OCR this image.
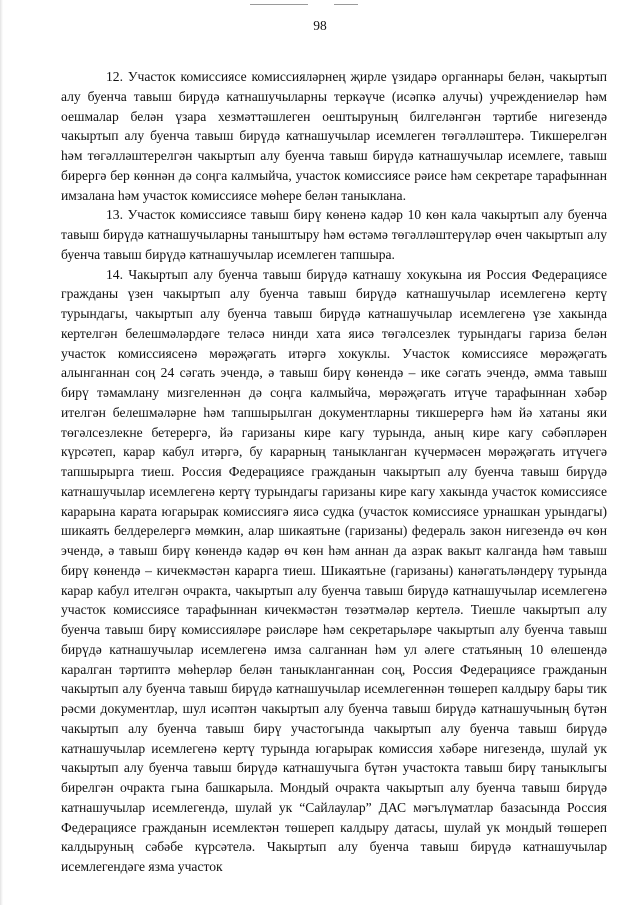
98

12. Участок комиссиясе комиссияләрнең җирле үзидарә органнары белән, чакыртып алу буенча тавыш бирүдә катнашучыларны теркәүче (исәпкә алучы) учреждениеләр һәм оешмалар белән үзара хезмәттәшлеген оештыруның билгеләнгән тәртибе нигезендә чакыртып алу буенча тавыш бирүдә катнашучылар исемлеген төгәлләштерә. Тикшерелгән һәм төгәлләштерелгән чакыртып алу буенча тавыш бирүдә катнашучылар исемлеге, тавыш бирергә бер көннән дә соңга калмыйча, участок комиссиясе рәисе һәм секретаре тарафыннан имзалана һәм участок комиссиясе мөһере белән таныклана.

13. Участок комиссиясе тавыш бирү көненә кадәр 10 көн кала чакыртып алу буенча тавыш бирүдә катнашучыларны таныштыру һәм өстәмә төгәлләштерүләр өчен чакыртып алу буенча тавыш бирүдә катнашучылар исемлеген тапшыра.

14. Чакыртып алу буенча тавыш бирүдә катнашу хокукына ия Россия Федерациясе гражданы үзен чакыртып алу буенча тавыш бирүдә катнашучылар исемлегенә кертү турындагы, чакыртып алу буенча тавыш бирүдә катнашучылар исемлегенә үзе хакында кертелгән белешмәләрдәге теләсә нинди хата яисә төгәлсезлек турындагы гариза белән участок комиссиясенә мөрәҗәгать итәргә хокуклы. Участок комиссиясе мөрәҗәгать алынганнан соң 24 сәгать эчендә, ә тавыш бирү көнендә – ике сәгать эчендә, әмма тавыш бирү тәмамлану мизгеленнән дә соңга калмыйча, мөрәҗәгать итүче тарафыннан хәбәр ителгән белешмәләрне һәм тапшырылган документларны тикшерергә һәм йә хатаны яки төгәлсезлекне бетерергә, йә гаризаны кире кагу турында, аның кире кагу сәбәпләрен күрсәтеп, карар кабул итәргә, бу карарның таныкланган күчермәсен мөрәҗәгать итүчегә тапшырырга тиеш. Россия Федерациясе гражданын чакыртып алу буенча тавыш бирүдә катнашучылар исемлегенә кертү турындагы гаризаны кире кагу хакында участок комиссиясе карарына карата югарырак комиссиягә яисә судка (участок комиссиясе урнашкан урындагы) шикаять белдерелергә мөмкин, алар шикаятьне (гаризаны) федераль закон нигезендә өч көн эчендә, ә тавыш бирү көнендә кадәр өч көн һәм аннан да азрак вакыт калганда һәм тавыш бирү көнендә – кичекмәстән карарга тиеш. Шикаятьне (гаризаны) канәгатьләндерү турында карар кабул ителгән очракта, чакыртып алу буенча тавыш бирүдә катнашучылар исемлегенә участок комиссиясе тарафыннан кичекмәстән төзәтмәләр кертелә. Тиешле чакыртып алу буенча тавыш бирү комиссияләре рәисләре һәм секретарьләре чакыртып алу буенча тавыш бирүдә катнашучылар исемлегенә имза салганнан һәм ул әлеге статьяның 10 өлешендә каралган тәртиптә мөһерләр белән таныкланганнан соң, Россия Федерациясе гражданын чакыртып алу буенча тавыш бирүдә катнашучылар исемлегеннән төшереп калдыру бары тик рәсми документлар, шул исәптән чакыртып алу буенча тавыш бирүдә катнашучының бүтән чакыртып алу буенча тавыш бирү участогында чакыртып алу буенча тавыш бирүдә катнашучылар исемлегенә кертү турында югарырак комиссия хәбәре нигезендә, шулай ук чакыртып алу буенча тавыш бирүдә катнашучыга бүтән участокта тавыш бирү таныклыгы бирелгән очракта гына башкарыла. Мондый очракта чакыртып алу буенча тавыш бирүдә катнашучылар исемлегендә, шулай ук “Сайлаулар” ДАС мәгълүматлар базасында Россия Федерациясе гражданын исемлектән төшереп калдыру датасы, шулай ук мондый төшереп калдыруның сәбәбе күрсәтелә. Чакыртып алу буенча тавыш бирүдә катнашучылар исемлегендәге язма участок
